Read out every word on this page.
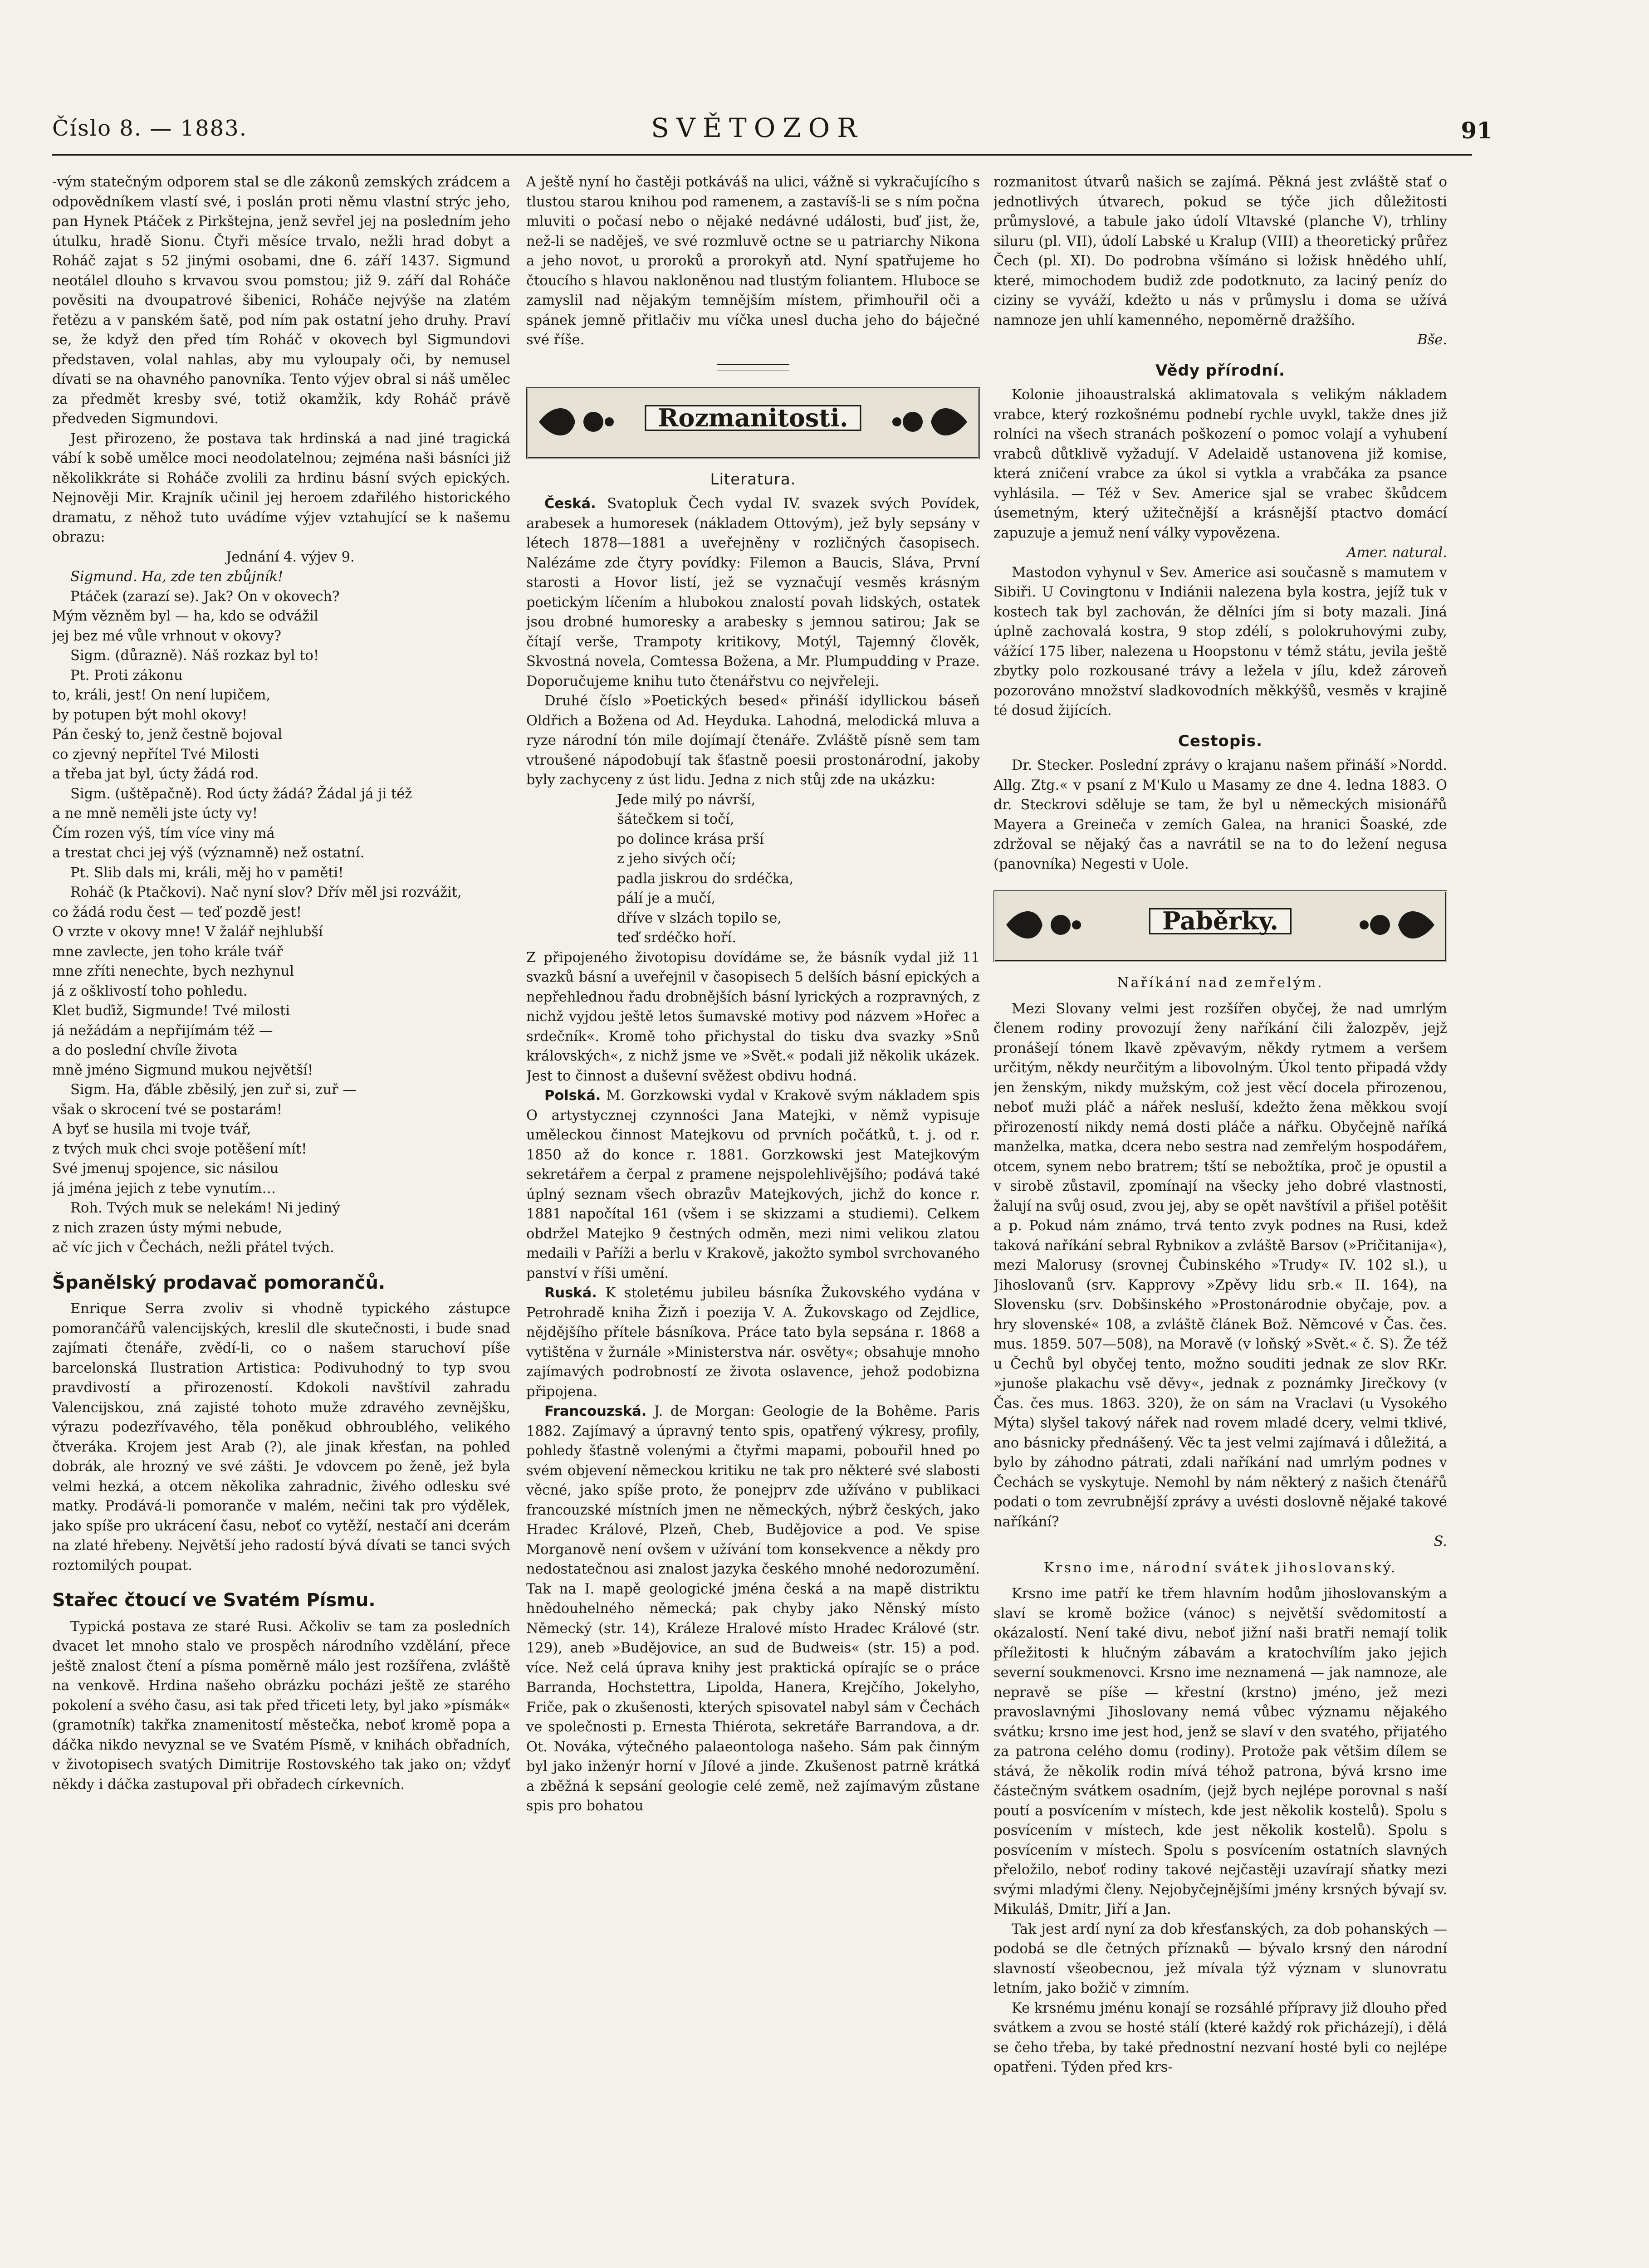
Číslo 8. — 1883.	SVĚTOZOR	91

-vým statečným odporem stal se dle zákonů zemských zrádcem a odpovědníkem vlastí své, i poslán proti němu vlastní strýc jeho, pan Hynek Ptáček z Pirkštejna, jenž sevřel jej na posledním jeho útulku, hradě Sionu. Čtyři měsíce trvalo, nežli hrad dobyt a Roháč zajat s 52 jinými osobami, dne 6. září 1437. Sigmund neotálel dlouho s krvavou svou pomstou; již 9. září dal Roháče pověsiti na dvoupatrové šibenici, Roháče nejvýše na zlatém řetězu a v panském šatě, pod ním pak ostatní jeho druhy. Praví se, že když den před tím Roháč v okovech byl Sigmundovi představen, volal nahlas, aby mu vyloupaly oči, by nemusel dívati se na ohavného panovníka. Tento výjev obral si náš umělec za předmět kresby své, totiž okamžik, kdy Roháč právě předveden Sigmundovi.

Jest přirozeno, že postava tak hrdinská a nad jiné tragická vábí k sobě umělce moci neodolatelnou; zejména naši básníci již několikkráte si Roháče zvolili za hrdinu básní svých epických. Nejnověji Mir. Krajník učinil jej heroem zdařilého historického dramatu, z něhož tuto uvádíme výjev vztahující se k našemu obrazu:

Jednání 4. výjev 9.
Sigmund. Ha, zde ten zbůjník!
Ptáček (zarazí se). Jak? On v okovech?
Mým vězněm byl — ha, kdo se odvážil
jej bez mé vůle vrhnout v okovy?
Sigm. (důrazně). Náš rozkaz byl to!
Pt. Proti zákonu
to, králi, jest! On není lupičem,
by potupen být mohl okovy!
Pán český to, jenž čestně bojoval
co zjevný nepřítel Tvé Milosti
a třeba jat byl, úcty žádá rod.
Sigm. (uštěpačně). Rod úcty žádá? Žádal já ji též
a ne mně neměli jste úcty vy!
Čím rozen výš, tím více viny má
a trestat chci jej výš (významně) než ostatní.
Pt. Slib dals mi, králi, měj ho v paměti!
Roháč (k Ptačkovi). Nač nyní slov? Dřív měl jsi rozvážit,
co žádá rodu čest — teď pozdě jest!
O vrzte v okovy mne! V žalář nejhlubší
mne zavlecte, jen toho krále tvář
mne zříti nenechte, bych nezhynul
já z ošklivostí toho pohledu.
Klet buďiž, Sigmunde! Tvé milosti
já nežádám a nepřijímám též —
a do poslední chvíle života
mně jméno Sigmund mukou největší!
Sigm. Ha, ďáble zběsilý, jen zuř si, zuř —
však o skrocení tvé se postarám!
A byť se husila mi tvoje tvář,
z tvých muk chci svoje potěšení mít!
Své jmenuj spojence, sic násilou
já jména jejich z tebe vynutím…
Roh. Tvých muk se nelekám! Ni jediný
z nich zrazen ústy mými nebude,
ač víc jich v Čechách, nežli přátel tvých.
Španělský prodavač pomorančů.

Enrique Serra zvoliv si vhodně typického zástupce pomorančářů valencijských, kreslil dle skutečnosti, i bude snad zajímati čtenáře, zvědí-li, co o našem staruchoví píše barcelonská Ilustration Artistica: Podivuhodný to typ svou pravdivostí a přirozeností. Kdokoli navštívil zahradu Valencijskou, zná zajisté tohoto muže zdravého zevnějšku, výrazu podezřívavého, těla poněkud obhroublého, velikého čtveráka. Krojem jest Arab (?), ale jinak křesťan, na pohled dobrák, ale hrozný ve své zášti. Je vdovcem po ženě, jež byla velmi hezká, a otcem několika zahradnic, živého odlesku své matky. Prodává-li pomoranče v malém, nečini tak pro výdělek, jako spíše pro ukrácení času, neboť co vytěží, nestačí ani dcerám na zlaté hřebeny. Největší jeho radostí bývá dívati se tanci svých roztomilých poupat.

Stařec čtoucí ve Svatém Písmu.

Typická postava ze staré Rusi. Ačkoliv se tam za posledních dvacet let mnoho stalo ve prospěch národního vzdělání, přece ještě znalost čtení a písma poměrně málo jest rozšířena, zvláště na venkově. Hrdina našeho obrázku pocházi ještě ze starého pokolení a svého času, asi tak před třiceti lety, byl jako »písmák« (gramotník) takřka znamenitostí městečka, neboť kromě popa a dáčka nikdo nevyznal se ve Svatém Písmě, v knihách obřadních, v životopisech svatých Dimitrije Rostovského tak jako on; vždyť někdy i dáčka zastupoval při obřadech církevních.

A ještě nyní ho častěji potkáváš na ulici, vážně si vykračujícího s tlustou starou knihou pod ramenem, a zastavíš-li se s ním počna mluviti o počasí nebo o nějaké nedávné události, buď jist, že, než-li se naděješ, ve své rozmluvě octne se u patriarchy Nikona a jeho novot, u proroků a prorokyň atd. Nyní spatřujeme ho čtoucího s hlavou nakloněnou nad tlustým foliantem. Hluboce se zamyslil nad nějakým temnějším místem, přimhouřil oči a spánek jemně přitlačiv mu víčka unesl ducha jeho do báječné své říše.

Rozmanitosti.
Literatura.

Česká. Svatopluk Čech vydal IV. svazek svých Povídek, arabesek a humoresek (nákladem Ottovým), jež byly sepsány v létech 1878—1881 a uveřejněny v rozličných časopisech. Nalézáme zde čtyry povídky: Filemon a Baucis, Sláva, První starosti a Hovor listí, jež se vyznačují vesměs krásným poetickým líčením a hlubokou znalostí povah lidských, ostatek jsou drobné humoresky a arabesky s jemnou satirou; Jak se čítají verše, Trampoty kritikovy, Motýl, Tajemný člověk, Skvostná novela, Comtessa Božena, a Mr. Plumpudding v Praze. Doporučujeme knihu tuto čtenářstvu co nejvřeleji.

Druhé číslo »Poetických besed« přináší idyllickou báseň Oldřich a Božena od Ad. Heyduka. Lahodná, melodická mluva a ryze národní tón mile dojímají čtenáře. Zvláště písně sem tam vtroušené nápodobují tak šťastně poesii prostonárodní, jakoby byly zachyceny z úst lidu. Jedna z nich stůj zde na ukázku:

Jede milý po návrší,
šátečkem si točí,
po dolince krása prší
z jeho sivých očí;
padla jiskrou do srdéčka,
pálí je a mučí,
dříve v slzách topilo se,
teď srdéčko hoří.

Z připojeného životopisu dovídáme se, že básník vydal již 11 svazků básní a uveřejnil v časopisech 5 delších básní epických a nepřehlednou řadu drobnějších básní lyrických a rozpravných, z nichž vyjdou ještě letos šumavské motivy pod názvem »Hořec a srdečník«. Kromě toho přichystal do tisku dva svazky »Snů královských«, z nichž jsme ve »Svět.« podali již několik ukázek. Jest to činnost a duševní svěžest obdivu hodná.

Polská. M. Gorzkowski vydal v Krakově svým nákladem spis O artystycznej czynności Jana Matejki, v němž vypisuje uměleckou činnost Matejkovu od prvních počátků, t. j. od r. 1850 až do konce r. 1881. Gorzkowski jest Matejkovým sekretářem a čerpal z pramene nejspolehlivějšího; podává také úplný seznam všech obrazův Matejkových, jichž do konce r. 1881 napočítal 161 (všem i se skizzami a studiemi). Celkem obdržel Matejko 9 čestných odměn, mezi nimi velikou zlatou medaili v Paříži a berlu v Krakově, jakožto symbol svrchovaného panství v říši umění.

Ruská. K stoletému jubileu básníka Žukovského vydána v Petrohradě kniha Žizň i poezija V. A. Žukovskago od Zejdlice, nějdějšího přítele básníkova. Práce tato byla sepsána r. 1868 a vytištěna v žurnále »Ministerstva nár. osvěty«; obsahuje mnoho zajímavých podrobností ze života oslavence, jehož podobizna připojena.

Francouzská. J. de Morgan: Geologie de la Bohême. Paris 1882. Zajímavý a úpravný tento spis, opatřený výkresy, profily, pohledy šťastně volenými a čtyřmi mapami, pobouřil hned po svém objevení německou kritiku ne tak pro některé své slabosti věcné, jako spíše proto, že ponejprv zde užíváno v publikaci francouzské místních jmen ne německých, nýbrž českých, jako Hradec Králové, Plzeň, Cheb, Budějovice a pod. Ve spise Morganově není ovšem v užívání tom konsekvence a někdy pro nedostatečnou asi znalost jazyka českého mnohé nedorozumění. Tak na I. mapě geologické jména česká a na mapě distriktu hnědouhelného německá; pak chyby jako Něnský místo Německý (str. 14), Králeze Hralové místo Hradec Králové (str. 129), aneb »Budějovice, an sud de Budweis« (str. 15) a pod. více. Než celá úprava knihy jest praktická opírajíc se o práce Barranda, Hochstettra, Lipolda, Hanera, Krejčího, Jokelyho, Friče, pak o zkušenosti, kterých spisovatel nabyl sám v Čechách ve společnosti p. Ernesta Thiérota, sekretáře Barrandova, a dr. Ot. Nováka, výtečného palaeontologa našeho. Sám pak činným byl jako inženýr horní v Jílové a jinde. Zkušenost patrně krátká a zběžná k sepsání geologie celé země, než zajímavým zůstane spis pro bohatou

rozmanitost útvarů našich se zajímá. Pěkná jest zvláště stať o jednotlivých útvarech, pokud se týče jich důležitosti průmyslové, a tabule jako údolí Vltavské (planche V), trhliny siluru (pl. VII), údolí Labské u Kralup (VIII) a theoretický průřez Čech (pl. XI). Do podrobna všímáno si ložisk hnědého uhlí, které, mimochodem budiž zde podotknuto, za laciný peníz do ciziny se vyváží, kdežto u nás v průmyslu i doma se užívá namnoze jen uhlí kamenného, nepoměrně dražšího.

Bše.

Vědy přírodní.

Kolonie jihoaustralská aklimatovala s velikým nákladem vrabce, který rozkošnému podnebí rychle uvykl, takže dnes již rolníci na všech stranách poškození o pomoc volají a vyhubení vrabců důtklivě vyžadují. V Adelaidě ustanovena již komise, která zničení vrabce za úkol si vytkla a vrabčáka za psance vyhlásila. — Též v Sev. Americe sjal se vrabec škůdcem úsemetným, který užitečnější a krásnější ptactvo domácí zapuzuje a jemuž není války vypovězena.

Amer. natural.

Mastodon vyhynul v Sev. Americe asi současně s mamutem v Sibiři. U Covingtonu v Indiánii nalezena byla kostra, jejíž tuk v kostech tak byl zachován, že dělníci jím si boty mazali. Jiná úplně zachovalá kostra, 9 stop zdélí, s polokruhovými zuby, vážící 175 liber, nalezena u Hoopstonu v témž státu, jevila ještě zbytky polo rozkousané trávy a ležela v jílu, kdež zároveň pozorováno množství sladkovodních měkkýšů, vesměs v krajině té dosud žijících.

Cestopis.

Dr. Stecker. Poslední zprávy o krajanu našem přináší »Nordd. Allg. Ztg.« v psaní z M'Kulo u Masamy ze dne 4. ledna 1883. O dr. Steckrovi sděluje se tam, že byl u německých misionářů Mayera a Greineča v zemích Galea, na hranici Šoaské, zde zdržoval se nějaký čas a navrátil se na to do ležení negusa (panovníka) Negesti v Uole.

Paběrky.
Naříkání nad zemřelým.

Mezi Slovany velmi jest rozšířen obyčej, že nad umrlým členem rodiny provozují ženy naříkání čili žalozpěv, jejž pronášejí tónem lkavě zpěvavým, někdy rytmem a veršem určitým, někdy neurčitým a libovolným. Úkol tento připadá vždy jen ženským, nikdy mužským, což jest věcí docela přirozenou, neboť muži pláč a nářek nesluší, kdežto žena měkkou svojí přirozeností nikdy nemá dosti pláče a nářku. Obyčejně naříká manželka, matka, dcera nebo sestra nad zemřelým hospodářem, otcem, synem nebo bratrem; tští se nebožtíka, proč je opustil a v sirobě zůstavil, zpomínají na všecky jeho dobré vlastnosti, žalují na svůj osud, zvou jej, aby se opět navštívil a přišel potěšit a p. Pokud nám známo, trvá tento zvyk podnes na Rusi, kdež taková naříkání sebral Rybnikov a zvláště Barsov (»Pričitanija«), mezi Malorusy (srovnej Čubinského »Trudy« IV. 102 sl.), u Jihoslovanů (srv. Kapprovy »Zpěvy lidu srb.« II. 164), na Slovensku (srv. Dobšinského »Prostonárodnie obyčaje, pov. a hry slovenské« 108, a zvláště článek Bož. Němcové v Čas. čes. mus. 1859. 507—508), na Moravě (v loňský »Svět.« č. S). Že též u Čechů byl obyčej tento, možno souditi jednak ze slov RKr. »junoše plakachu vsě děvy«, jednak z poznámky Jirečkovy (v Čas. čes mus. 1863. 320), že on sám na Vraclavi (u Vysokého Mýta) slyšel takový nářek nad rovem mladé dcery, velmi tklivé, ano básnicky přednášený. Věc ta jest velmi zajímavá i důležitá, a bylo by záhodno pátrati, zdali naříkání nad umrlým podnes v Čechách se vyskytuje. Nemohl by nám některý z našich čtenářů podati o tom zevrubnější zprávy a uvésti doslovně nějaké takové naříkání?

S.

Krsno ime, národní svátek jihoslovanský.

Krsno ime patří ke třem hlavním hodům jihoslovanským a slaví se kromě božice (vánoc) s největší svědomitostí a okázalostí. Není také divu, neboť jižní naši bratři nemají tolik příležitosti k hlučným zábavám a kratochvílím jako jejich severní soukmenovci. Krsno ime neznamená — jak namnoze, ale nepravě se píše — křestní (krstno) jméno, jež mezi pravoslavnými Jihoslovany nemá vůbec významu nějakého svátku; krsno ime jest hod, jenž se slaví v den svatého, přijatého za patrona celého domu (rodiny). Protože pak většim dílem se stává, že několik rodin mívá téhož patrona, bývá krsno ime částečným svátkem osadním, (jejž bych nejlépe porovnal s naší poutí a posvícením v místech, kde jest několik kostelů). Spolu s posvícením v místech, kde jest několik kostelů). Spolu s posvícením v místech. Spolu s posvícením ostatních slavných přeložilo, neboť rodiny takové nejčastěji uzavírají sňatky mezi svými mladými členy. Nejobyčejnějšími jmény krsných bývají sv. Mikuláš, Dmitr, Jiří a Jan.

Tak jest ardí nyní za dob křesťanských, za dob pohanských — podobá se dle četných příznaků — bývalo krsný den národní slavností všeobecnou, jež mívala týž význam v slunovratu letním, jako božič v zimním.

Ke krsnému jménu konají se rozsáhlé přípravy již dlouho před svátkem a zvou se hosté stálí (které každý rok přicházejí), i dělá se čeho třeba, by také přednostní nezvaní hosté byli co nejlépe opatřeni. Týden před krs-
